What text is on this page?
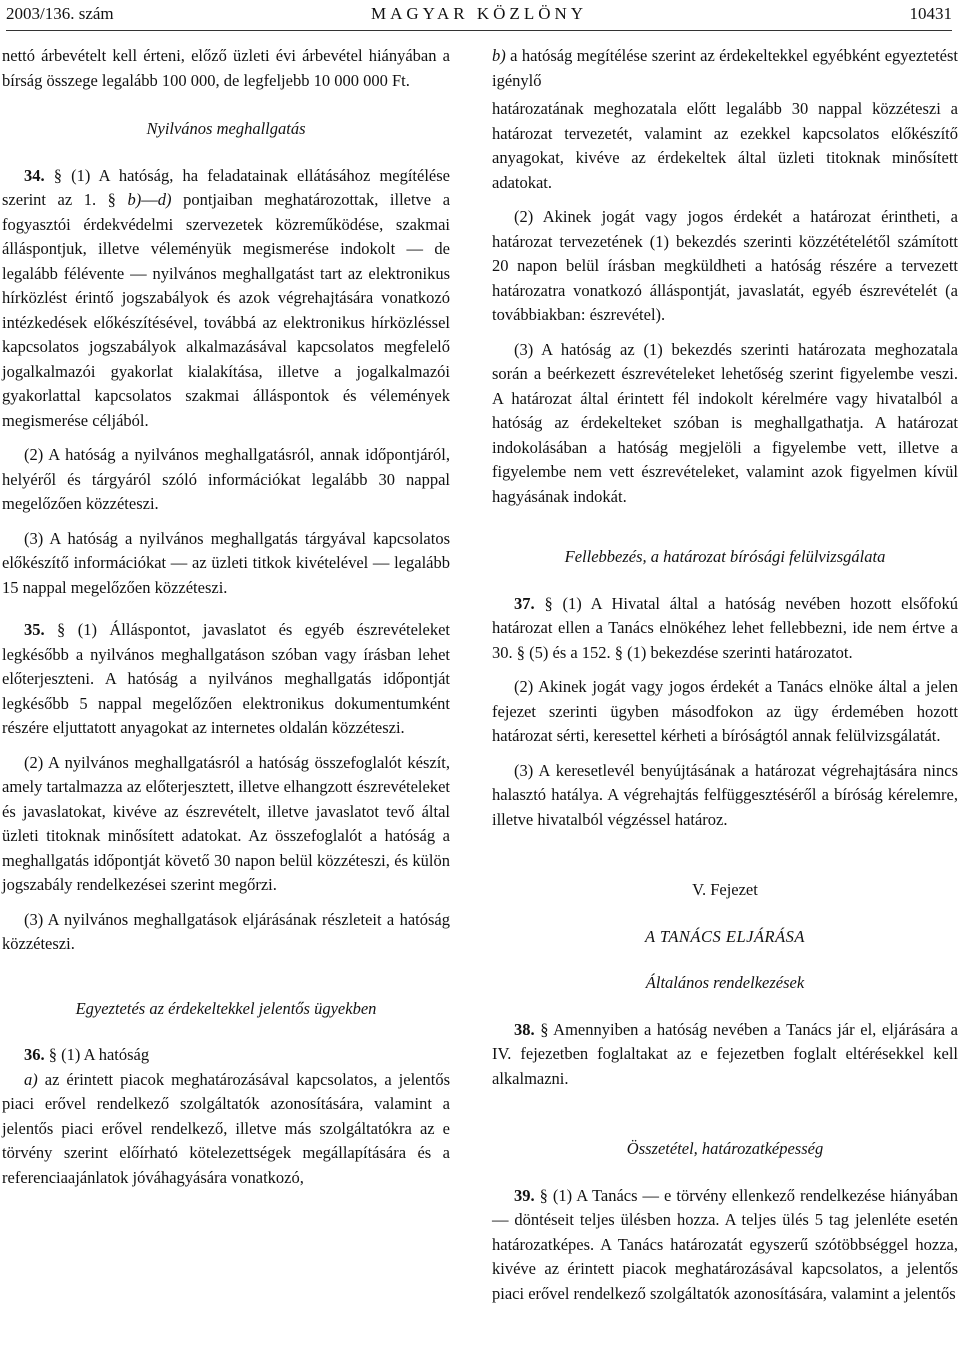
2003/136. szám	MAGYAR KÖZLÖNY	10431

nettó árbevételt kell érteni, előző üzleti évi árbevétel hiányában a bírság összege legalább 100 000, de legfeljebb 10 000 000 Ft.

Nyilvános meghallgatás

34. § (1) A hatóság, ha feladatainak ellátásához megítélése szerint az 1. § b)—d) pontjaiban meghatározottak, illetve a fogyasztói érdekvédelmi szervezetek közreműködése, szakmai álláspontjuk, illetve véleményük megismerése indokolt — de legalább félévente — nyilvános meghallgatást tart az elektronikus hírközlést érintő jogszabályok és azok végrehajtására vonatkozó intézkedések előkészítésével, továbbá az elektronikus hírközléssel kapcsolatos jogszabályok alkalmazásával kapcsolatos megfelelő jogalkalmazói gyakorlat kialakítása, illetve a jogalkalmazói gyakorlattal kapcsolatos szakmai álláspontok és vélemények megismerése céljából.

(2) A hatóság a nyilvános meghallgatásról, annak időpontjáról, helyéről és tárgyáról szóló információkat legalább 30 nappal megelőzően közzéteszi.

(3) A hatóság a nyilvános meghallgatás tárgyával kapcsolatos előkészítő információkat — az üzleti titkok kivételével — legalább 15 nappal megelőzően közzéteszi.

35. § (1) Álláspontot, javaslatot és egyéb észrevételeket legkésőbb a nyilvános meghallgatáson szóban vagy írásban lehet előterjeszteni. A hatóság a nyilvános meghallgatás időpontját legkésőbb 5 nappal megelőzően elektronikus dokumentumként részére eljuttatott anyagokat az internetes oldalán közzéteszi.

(2) A nyilvános meghallgatásról a hatóság összefoglalót készít, amely tartalmazza az előterjesztett, illetve elhangzott észrevételeket és javaslatokat, kivéve az észrevételt, illetve javaslatot tevő által üzleti titoknak minősített adatokat. Az összefoglalót a hatóság a meghallgatás időpontját követő 30 napon belül közzéteszi, és külön jogszabály rendelkezései szerint megőrzi.

(3) A nyilvános meghallgatások eljárásának részleteit a hatóság közzéteszi.

Egyeztetés az érdekeltekkel jelentős ügyekben

36. § (1) A hatóság

a) az érintett piacok meghatározásával kapcsolatos, a jelentős piaci erővel rendelkező szolgáltatók azonosítására, valamint a jelentős piaci erővel rendelkező, illetve más szolgáltatókra az e törvény szerint előírható kötelezettségek megállapítására és a referenciaajánlatok jóváhagyására vonatkozó,

b) a hatóság megítélése szerint az érdekeltekkel egyébként egyeztetést igénylő

határozatának meghozatala előtt legalább 30 nappal közzéteszi a határozat tervezetét, valamint az ezekkel kapcsolatos előkészítő anyagokat, kivéve az érdekeltek által üzleti titoknak minősített adatokat.

(2) Akinek jogát vagy jogos érdekét a határozat érintheti, a határozat tervezetének (1) bekezdés szerinti közzétételétől számított 20 napon belül írásban megküldheti a hatóság részére a tervezett határozatra vonatkozó álláspontját, javaslatát, egyéb észrevételét (a továbbiakban: észrevétel).

(3) A hatóság az (1) bekezdés szerinti határozata meghozatala során a beérkezett észrevételeket lehetőség szerint figyelembe veszi. A határozat által érintett fél indokolt kérelmére vagy hivatalból a hatóság az érdekelteket szóban is meghallgathatja. A határozat indokolásában a hatóság megjelöli a figyelembe vett, illetve a figyelembe nem vett észrevételeket, valamint azok figyelmen kívül hagyásának indokát.

Fellebbezés, a határozat bírósági felülvizsgálata

37. § (1) A Hivatal által a hatóság nevében hozott elsőfokú határozat ellen a Tanács elnökéhez lehet fellebbezni, ide nem értve a 30. § (5) és a 152. § (1) bekezdése szerinti határozatot.

(2) Akinek jogát vagy jogos érdekét a Tanács elnöke által a jelen fejezet szerinti ügyben másodfokon az ügy érdemében hozott határozat sérti, keresettel kérheti a bíróságtól annak felülvizsgálatát.

(3) A keresetlevél benyújtásának a határozat végrehajtására nincs halasztó hatálya. A végrehajtás felfüggesztéséről a bíróság kérelemre, illetve hivatalból végzéssel határoz.

V. Fejezet

A TANÁCS ELJÁRÁSA

Általános rendelkezések

38. § Amennyiben a hatóság nevében a Tanács jár el, eljárására a IV. fejezetben foglaltakat az e fejezetben foglalt eltérésekkel kell alkalmazni.

Összetétel, határozatképesség

39. § (1) A Tanács — e törvény ellenkező rendelkezése hiányában — döntéseit teljes ülésben hozza. A teljes ülés 5 tag jelenléte esetén határozatképes. A Tanács határozatát egyszerű szótöbbséggel hozza, kivéve az érintett piacok meghatározásával kapcsolatos, a jelentős piaci erővel rendelkező szolgáltatók azonosítására, valamint a jelentős
